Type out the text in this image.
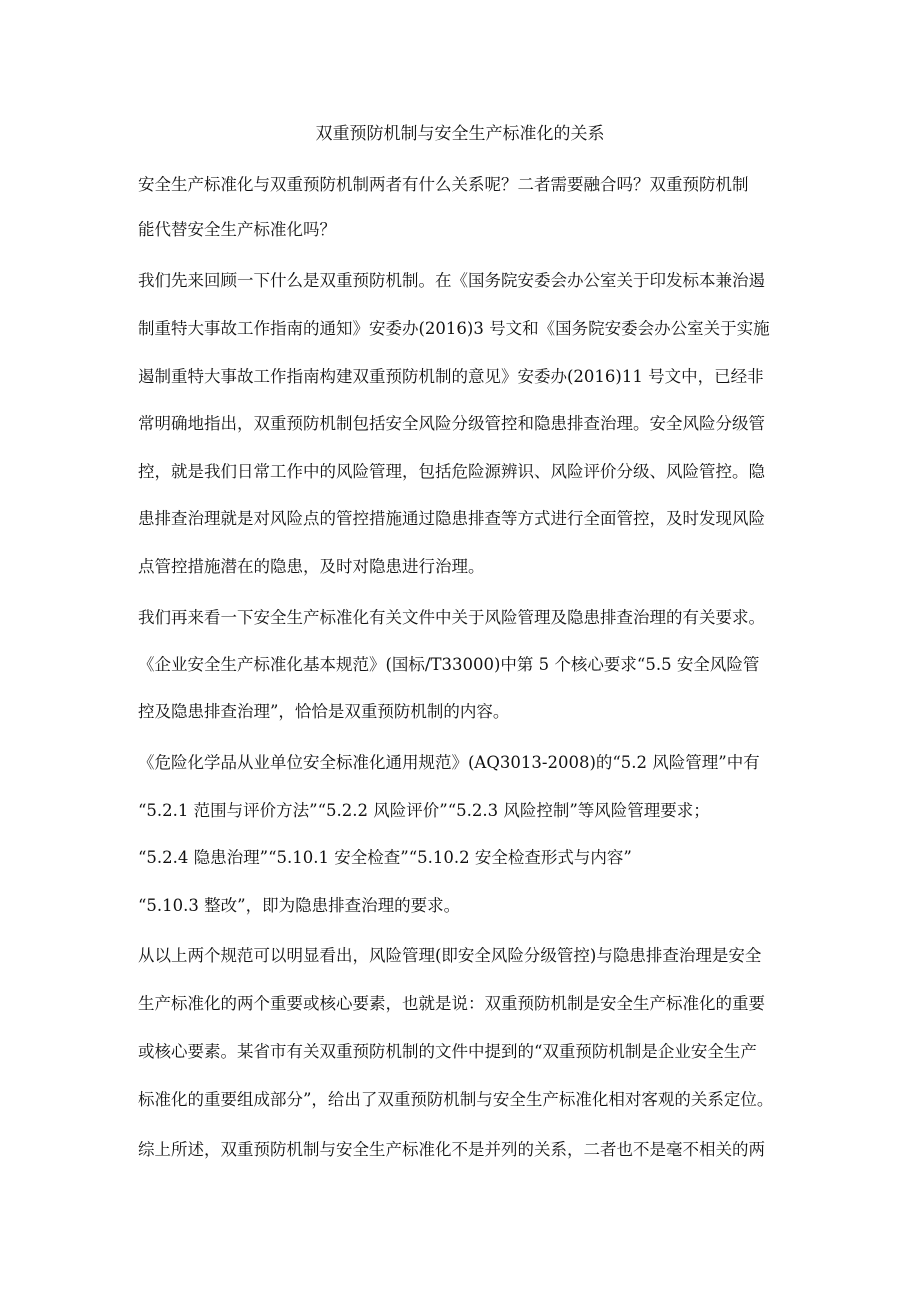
双重预防机制与安全生产标准化的关系
安全生产标准化与双重预防机制两者有什么关系呢？二者需要融合吗？双重预防机制
能代替安全生产标准化吗？
我们先来回顾一下什么是双重预防机制。在《国务院安委会办公室关于印发标本兼治遏
制重特大事故工作指南的通知》安委办(2016)3 号文和《国务院安委会办公室关于实施
遏制重特大事故工作指南构建双重预防机制的意见》安委办(2016)11 号文中，已经非
常明确地指出，双重预防机制包括安全风险分级管控和隐患排查治理。安全风险分级管
控，就是我们日常工作中的风险管理，包括危险源辨识、风险评价分级、风险管控。隐
患排查治理就是对风险点的管控措施通过隐患排查等方式进行全面管控，及时发现风险
点管控措施潜在的隐患，及时对隐患进行治理。
我们再来看一下安全生产标准化有关文件中关于风险管理及隐患排查治理的有关要求。
《企业安全生产标准化基本规范》(国标/T33000)中第 5 个核心要求“5.5 安全风险管
控及隐患排查治理”，恰恰是双重预防机制的内容。
《危险化学品从业单位安全标准化通用规范》(AQ3013-2008)的“5.2 风险管理”中有
“5.2.1 范围与评价方法”“5.2.2 风险评价”“5.2.3 风险控制”等风险管理要求；
“5.2.4 隐患治理”“5.10.1 安全检查”“5.10.2 安全检查形式与内容”
“5.10.3 整改”，即为隐患排查治理的要求。
从以上两个规范可以明显看出，风险管理(即安全风险分级管控)与隐患排查治理是安全
生产标准化的两个重要或核心要素，也就是说：双重预防机制是安全生产标准化的重要
或核心要素。某省市有关双重预防机制的文件中提到的“双重预防机制是企业安全生产
标准化的重要组成部分”，给出了双重预防机制与安全生产标准化相对客观的关系定位。
综上所述，双重预防机制与安全生产标准化不是并列的关系，二者也不是毫不相关的两
